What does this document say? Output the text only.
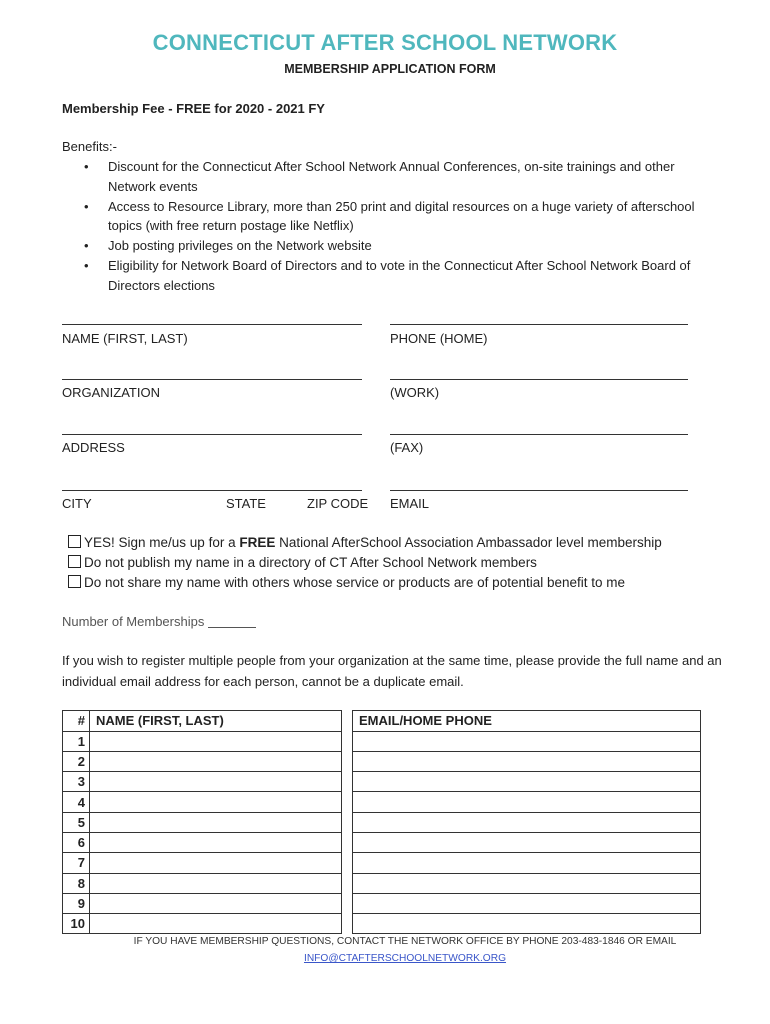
CONNECTICUT AFTER SCHOOL NETWORK
MEMBERSHIP APPLICATION FORM
Membership Fee - FREE for 2020 - 2021 FY
Benefits:-
• Discount for the Connecticut After School Network Annual Conferences, on-site trainings and other Network events
• Access to Resource Library, more than 250 print and digital resources on a huge variety of afterschool topics (with free return postage like Netflix)
• Job posting privileges on the Network website
• Eligibility for Network Board of Directors and to vote in the Connecticut After School Network Board of Directors elections
NAME (FIRST, LAST)
ORGANIZATION
ADDRESS
CITY	STATE	ZIP CODE
PHONE (HOME)
(WORK)
(FAX)
EMAIL
YES! Sign me/us up for a FREE National AfterSchool Association Ambassador level membership
Do not publish my name in a directory of CT After School Network members
Do not share my name with others whose service or products are of potential benefit to me
Number of Memberships
If you wish to register multiple people from your organization at the same time, please provide the full name and an individual email address for each person, cannot be a duplicate email.
#	NAME (FIRST, LAST)		EMAIL/HOME PHONE
1			
2			
3			
4			
5			
6			
7			
8			
9			
10			
IF YOU HAVE MEMBERSHIP QUESTIONS, CONTACT THE NETWORK OFFICE BY PHONE 203-483-1846 OR EMAIL
INFO@CTAFTERSCHOOLNETWORK.ORG
